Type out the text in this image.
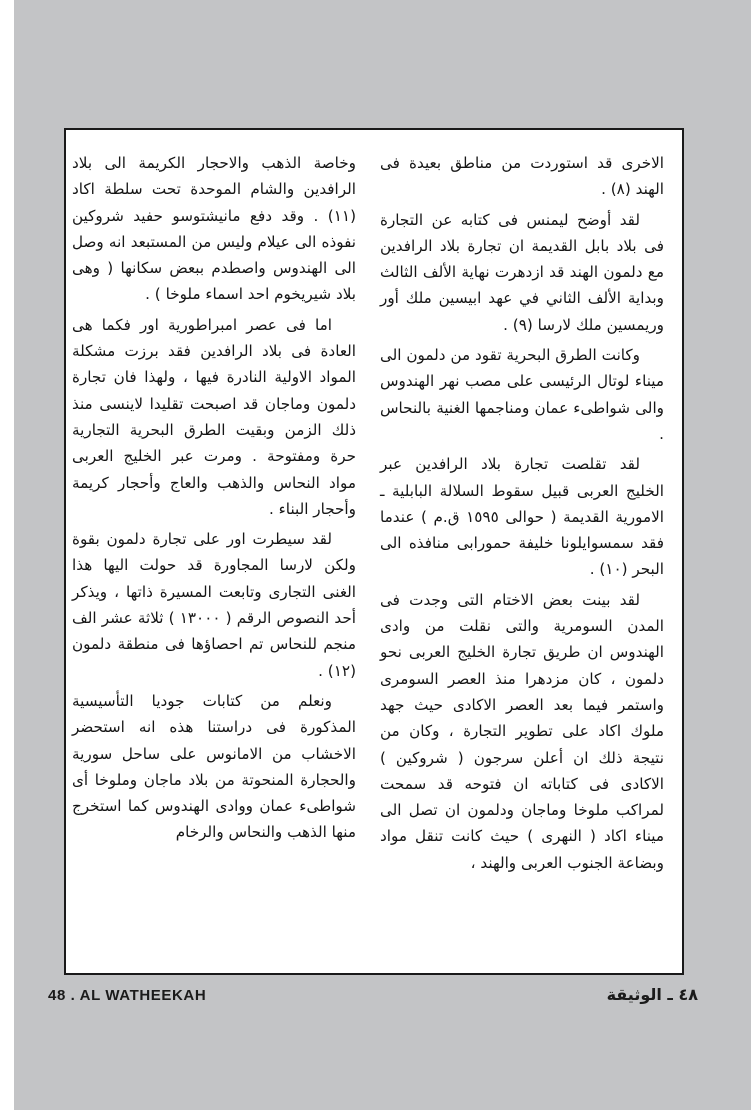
الاخرى قد استوردت من مناطق بعيدة فى الهند (٨) .

لقد أوضح ليمنس فى كتابه عن التجارة فى بلاد بابل القديمة ان تجارة بلاد الرافدين مع دلمون الهند قد ازدهرت نهاية الألف الثالث وبداية الألف الثاني في عهد ابيسين ملك أور وريمسين ملك لارسا (٩) .

وكانت الطرق البحرية تقود من دلمون الى ميناء لوتال الرئيسى على مصب نهر الهندوس والى شواطىء عمان ومناجمها الغنية بالنحاس .

لقد تقلصت تجارة بلاد الرافدين عبر الخليج العربى قبيل سقوط السلالة البابلية ـ الامورية القديمة ( حوالى ١٥٩٥ ق.م ) عندما فقد سمسوايلونا خليفة حمورابى منافذه الى البحر (١٠) .

لقد بينت بعض الاختام التى وجدت فى المدن السومرية والتى نقلت من وادى الهندوس ان طريق تجارة الخليج العربى نحو دلمون ، كان مزدهرا منذ العصر السومرى واستمر فيما بعد العصر الاكادى حيث جهد ملوك اكاد على تطوير التجارة ، وكان من نتيجة ذلك ان أعلن سرجون ( شروكين ) الاكادى فى كتاباته ان فتوحه قد سمحت لمراكب ملوخا وماجان ودلمون ان تصل الى ميناء اكاد ( النهرى ) حيث كانت تنقل مواد وبضاعة الجنوب العربى والهند ،

وخاصة الذهب والاحجار الكريمة الى بلاد الرافدين والشام الموحدة تحت سلطة اكاد (١١) . وقد دفع مانيشتوسو حفيد شروكين نفوذه الى عيلام وليس من المستبعد انه وصل الى الهندوس واصطدم ببعض سكانها ( وهى بلاد شيريخوم احد اسماء ملوخا ) .

اما فى عصر امبراطورية اور فكما هى العادة فى بلاد الرافدين فقد برزت مشكلة المواد الاولية النادرة فيها ، ولهذا فان تجارة دلمون وماجان قد اصبحت تقليدا لاينسى منذ ذلك الزمن وبقيت الطرق البحرية التجارية حرة ومفتوحة . ومرت عبر الخليج العربى مواد النحاس والذهب والعاج وأحجار كريمة وأحجار البناء .

لقد سيطرت اور على تجارة دلمون بقوة ولكن لارسا المجاورة قد حولت اليها هذا الغنى التجارى وتابعت المسيرة ذاتها ، ويذكر أحد النصوص الرقم ( ١٣٠٠٠ ) ثلاثة عشر الف منجم للنحاس تم احصاؤها فى منطقة دلمون (١٢) .

ونعلم من كتابات جوديا التأسيسية المذكورة فى دراستنا هذه انه استحضر الاخشاب من الامانوس على ساحل سورية والحجارة المنحوتة من بلاد ماجان وملوخا أى شواطىء عمان ووادى الهندوس كما استخرج منها الذهب والنحاس والرخام

48 . AL WATHEEKAH	٤٨ ـ الوثيقة
